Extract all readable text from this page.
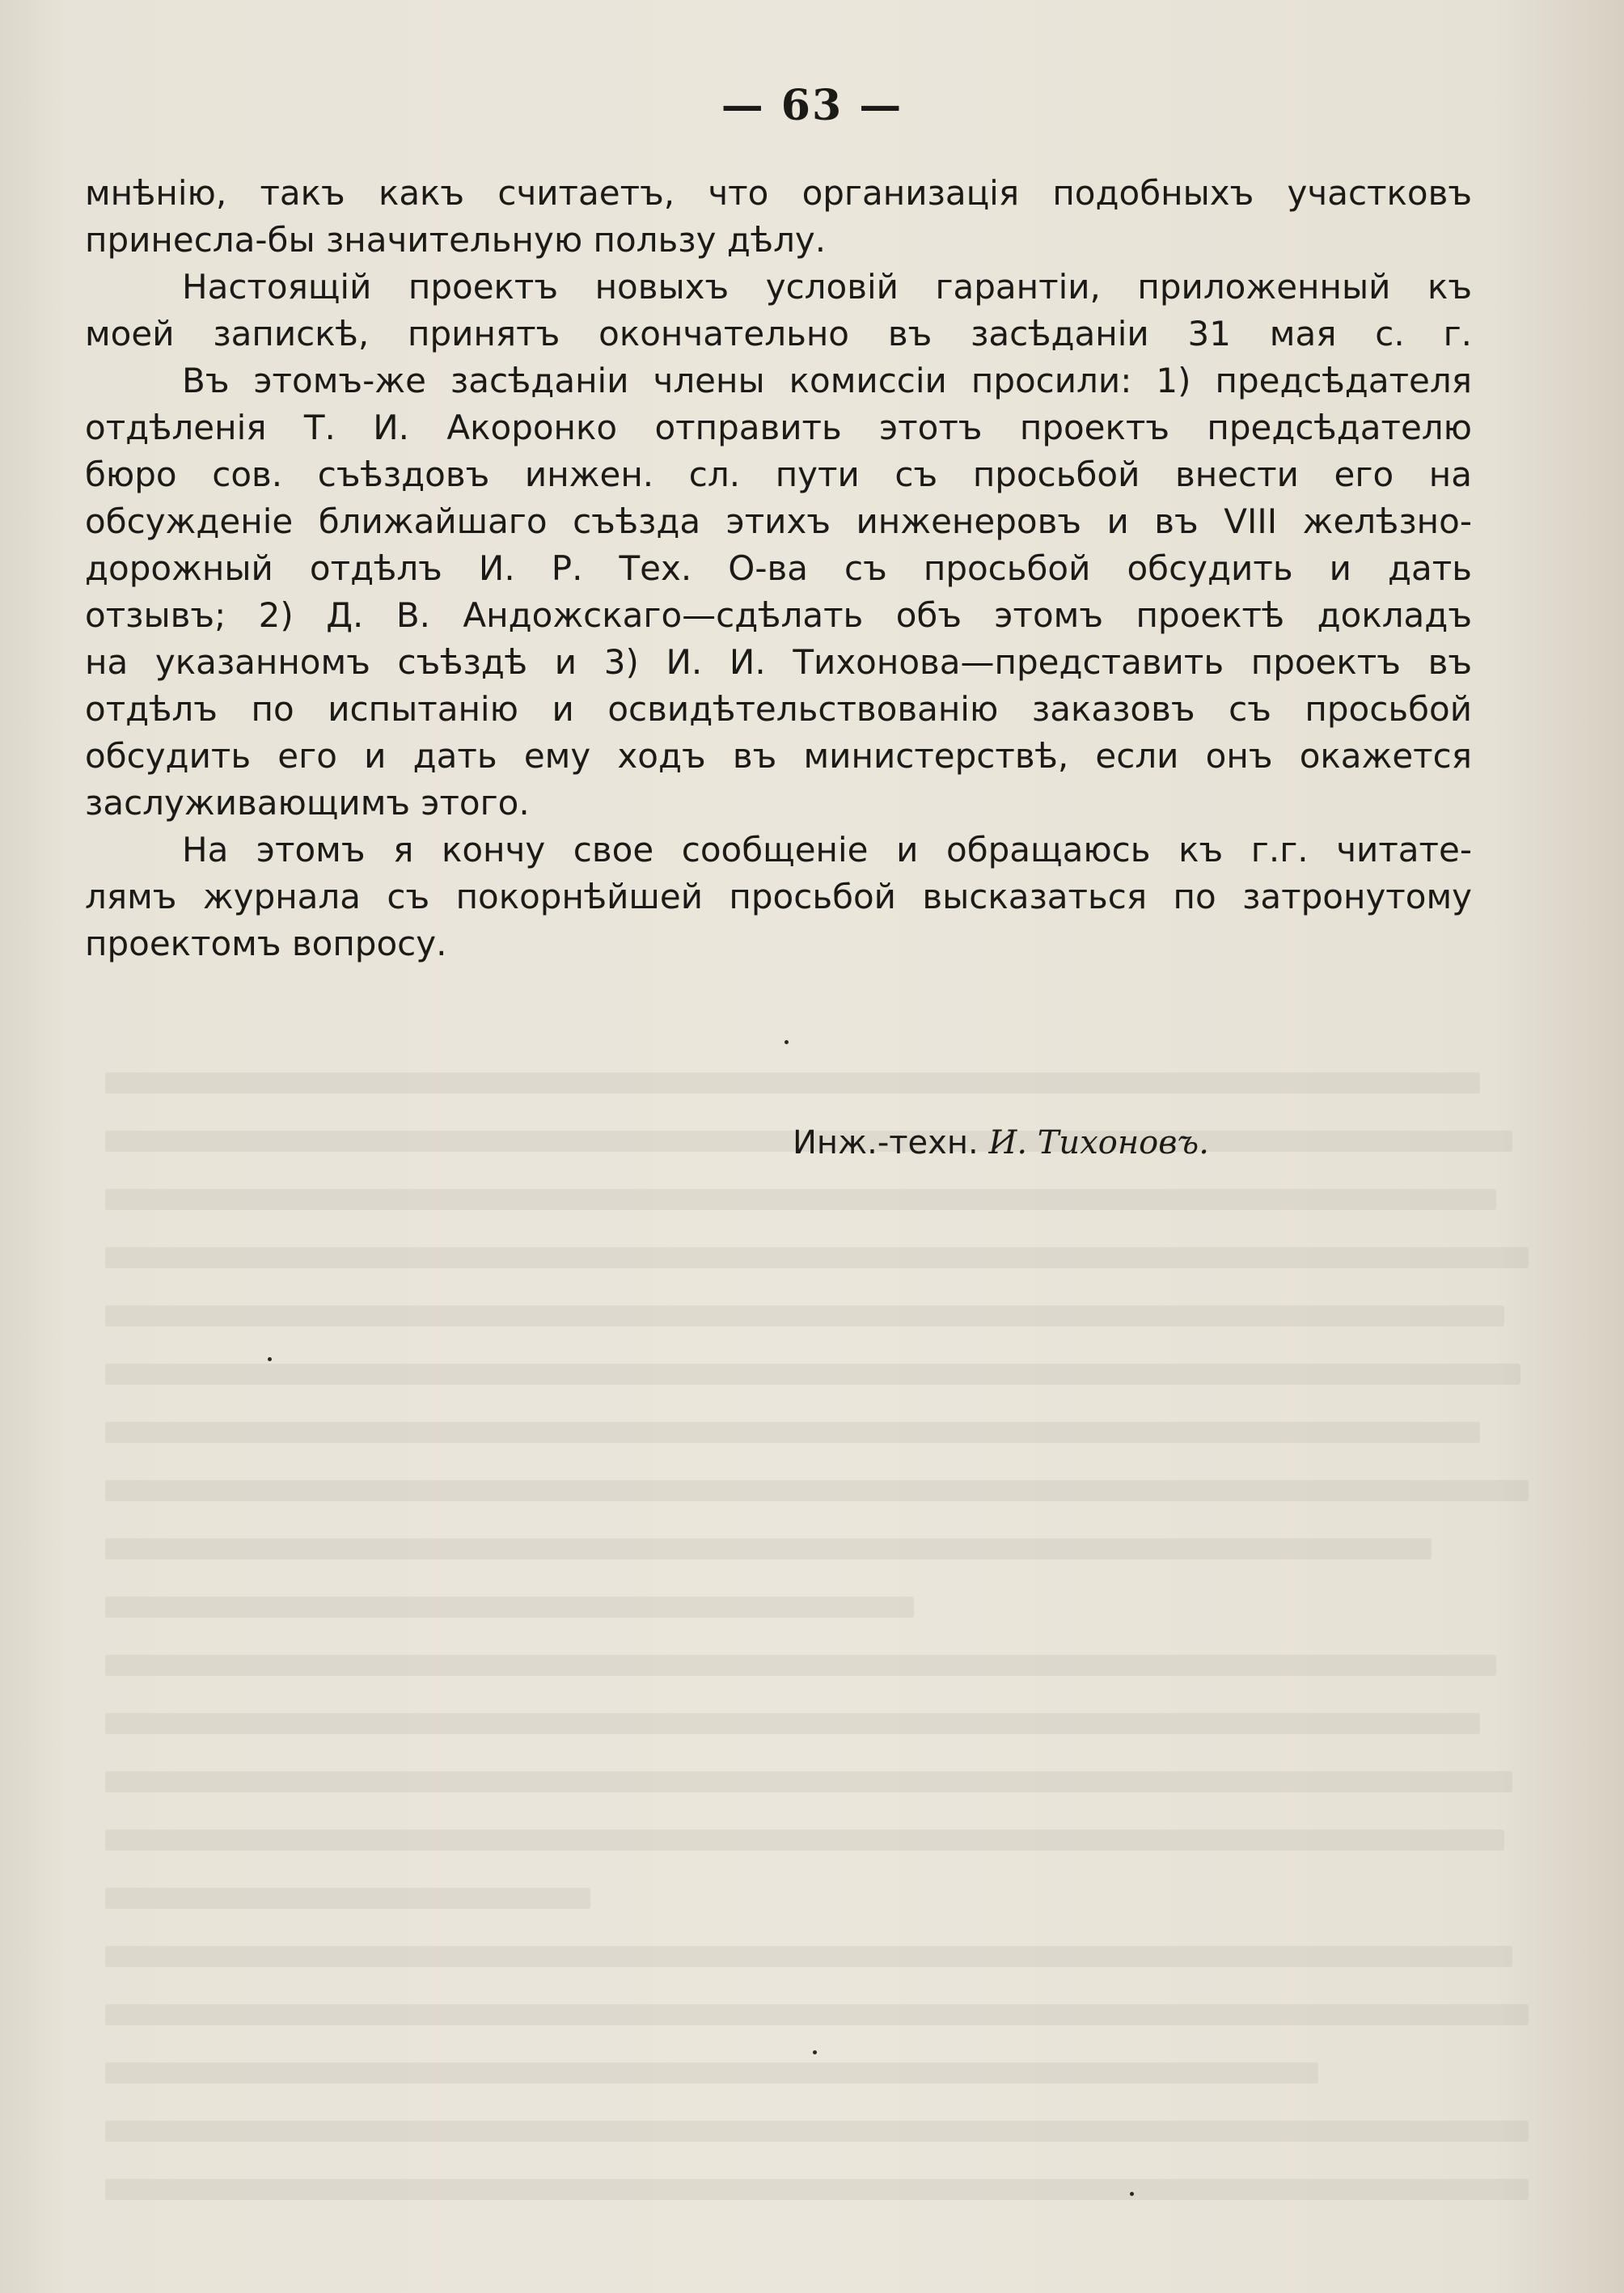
— 63 —
мнѣнію, такъ какъ считаетъ, что организація подобныхъ участковъ
принесла-бы значительную пользу дѣлу.
Настоящій проектъ новыхъ условій гарантіи, приложенный къ
моей запискѣ, принятъ окончательно въ засѣданіи 31 мая с. г.
Въ этомъ-же засѣданіи члены комиссіи просили: 1) предсѣдателя
отдѣленія Т. И. Акоронко отправить этотъ проектъ предсѣдателю
бюро сов. съѣздовъ инжен. сл. пути съ просьбой внести его на
обсужденіе ближайшаго съѣзда этихъ инженеровъ и въ VIII желѣзно-
дорожный отдѣлъ И. Р. Тех. О-ва съ просьбой обсудить и дать
отзывъ; 2) Д. В. Андожскаго—сдѣлать объ этомъ проектѣ докладъ
на указанномъ съѣздѣ и 3) И. И. Тихонова—представить проектъ въ
отдѣлъ по испытанію и освидѣтельствованію заказовъ съ просьбой
обсудить его и дать ему ходъ въ министерствѣ, если онъ окажется
заслуживающимъ этого.
На этомъ я кончу свое сообщеніе и обращаюсь къ г.г. читате-
лямъ журнала съ покорнѣйшей просьбой высказаться по затронутому
проектомъ вопросу.
Инж.-техн. И. Тихоновъ.
